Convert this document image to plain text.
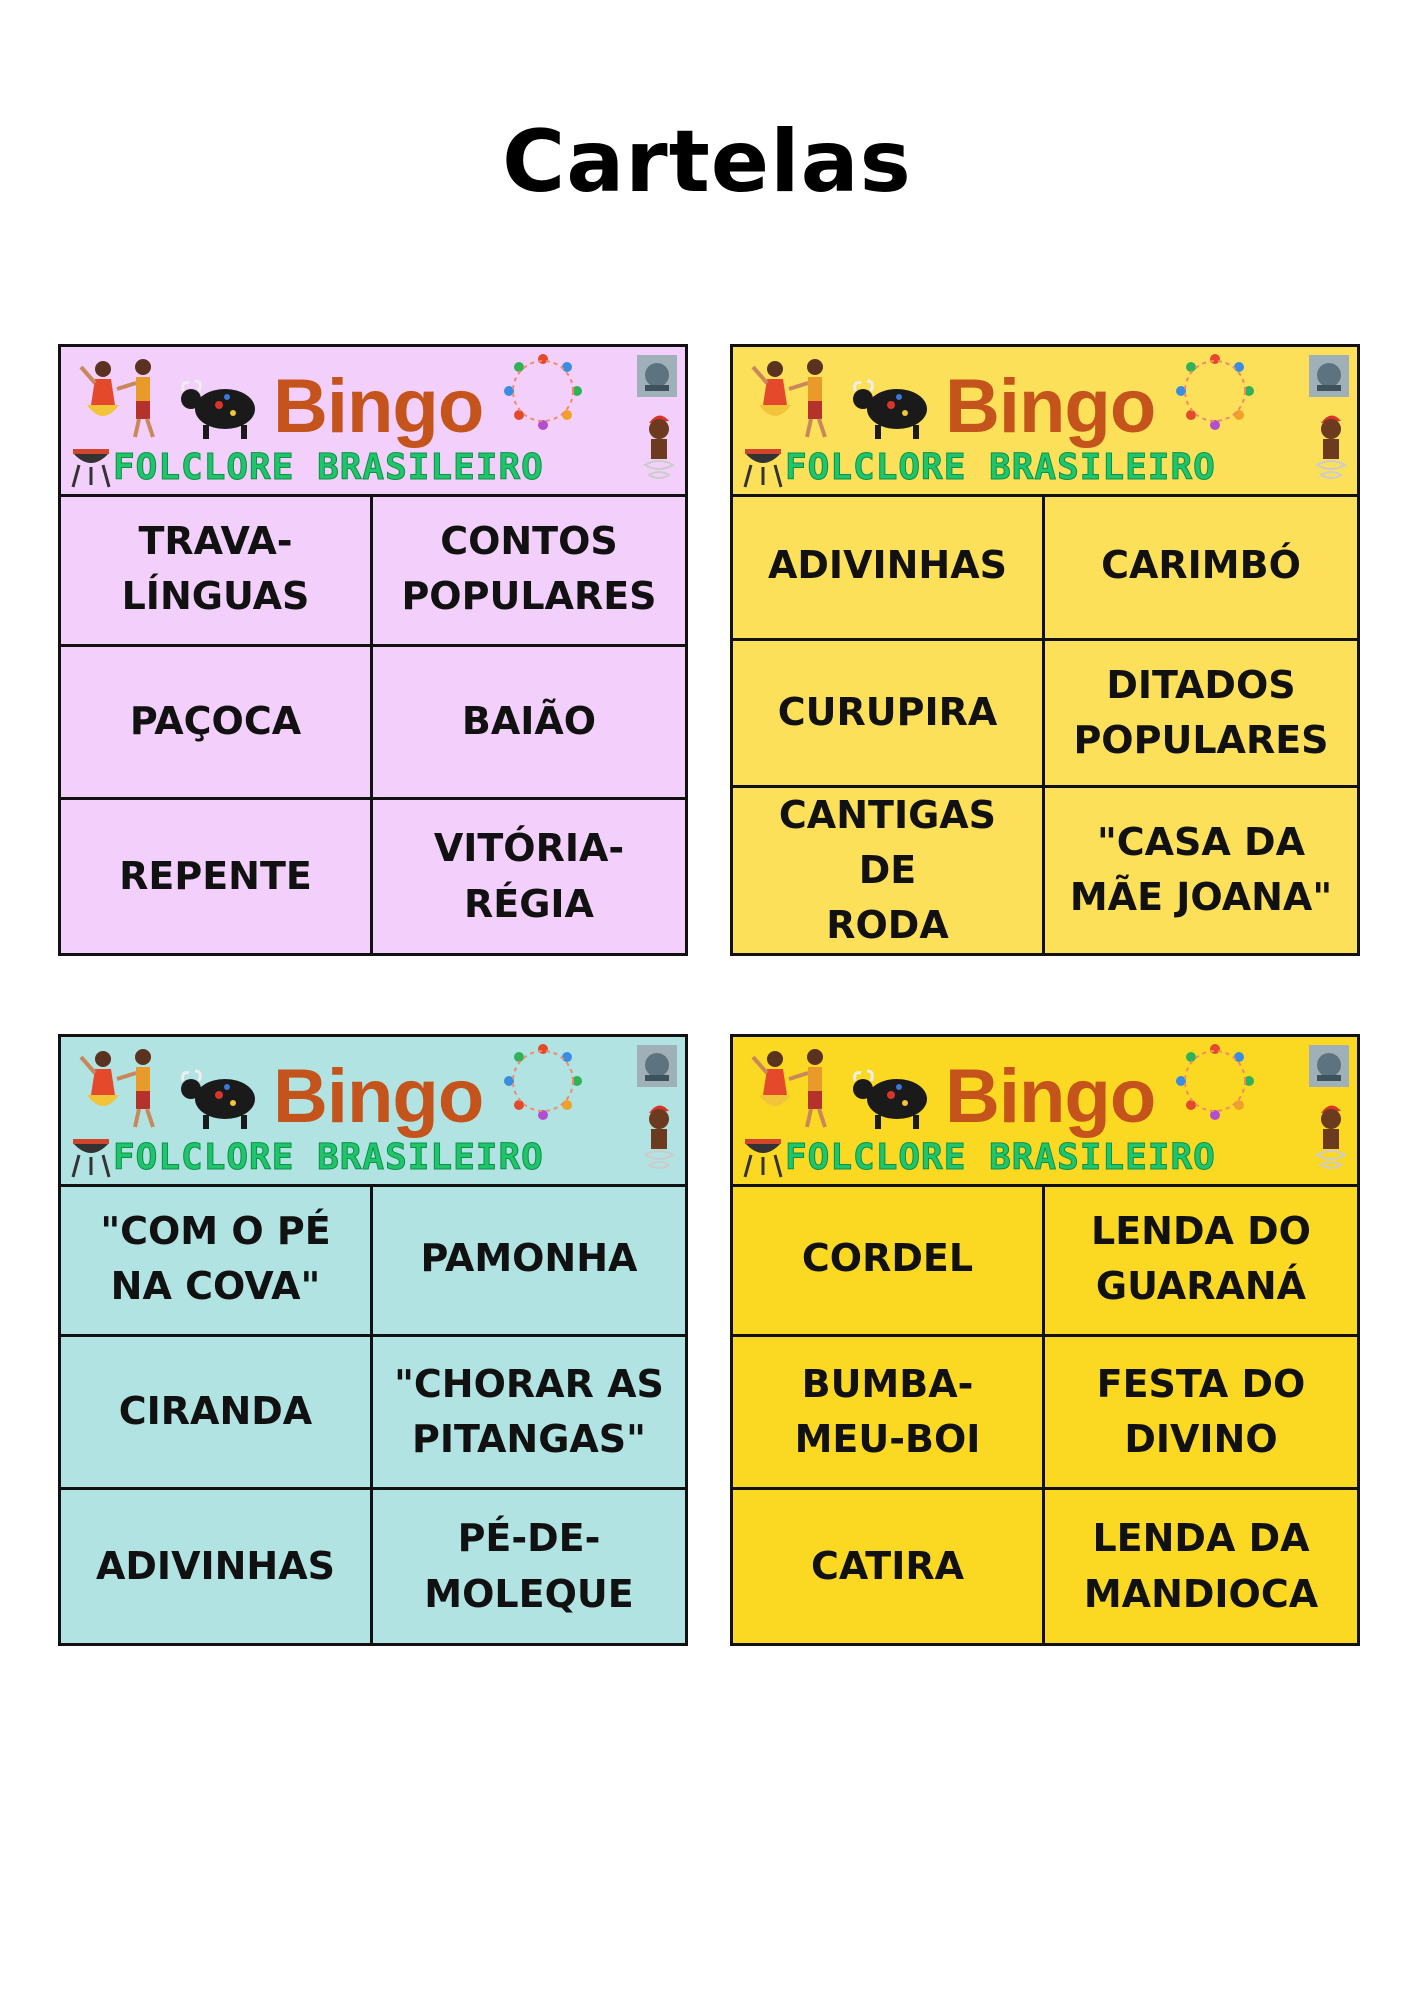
Cartelas
Bingo
FOLCLORE BRASILEIRO
TRAVA-
LÍNGUAS
CONTOS
POPULARES
PAÇOCA	BAIÃO
REPENTE
VITÓRIA-
RÉGIA
Bingo
FOLCLORE BRASILEIRO
ADIVINHAS	CARIMBÓ
CURUPIRA
DITADOS
POPULARES
CANTIGAS DE
RODA
"CASA DA
MÃE JOANA"
Bingo
FOLCLORE BRASILEIRO
"COM O PÉ
NA COVA"
PAMONHA
CIRANDA
"CHORAR AS
PITANGAS"
ADIVINHAS
PÉ-DE-
MOLEQUE
Bingo
FOLCLORE BRASILEIRO
CORDEL
LENDA DO
GUARANÁ
BUMBA-
MEU-BOI
FESTA DO
DIVINO
CATIRA
LENDA DA
MANDIOCA
